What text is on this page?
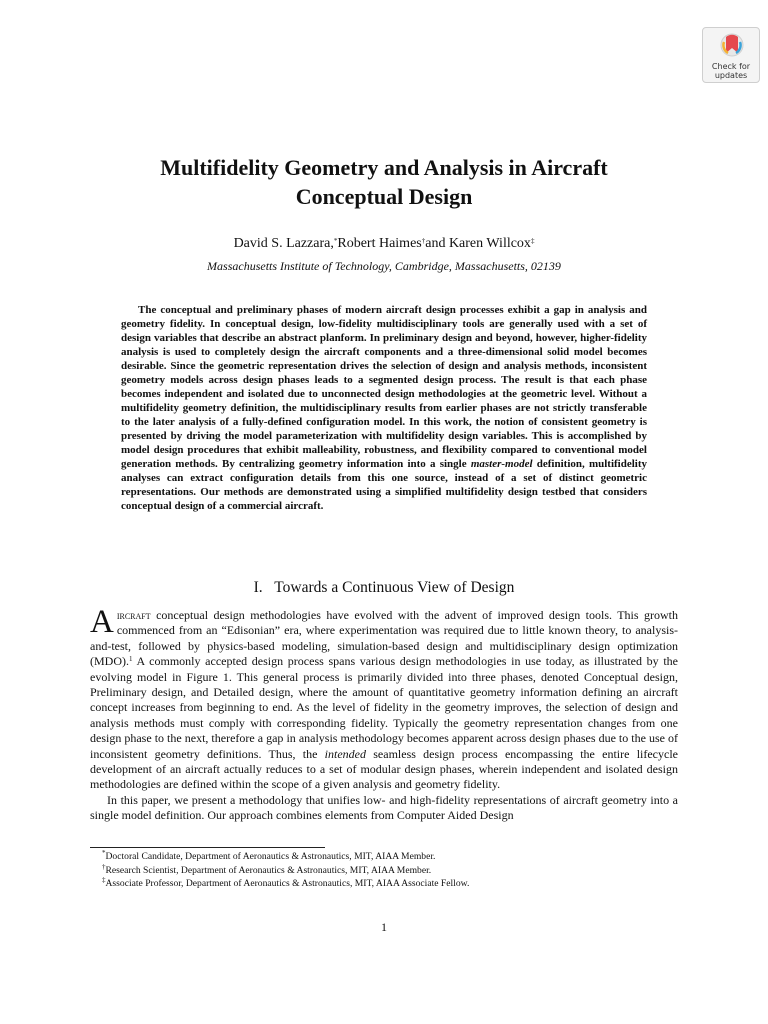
Check for
updates
Multifidelity Geometry and Analysis in Aircraft
Conceptual Design
David S. Lazzara,*Robert Haimes†and Karen Willcox‡
Massachusetts Institute of Technology, Cambridge, Massachusetts, 02139
The conceptual and preliminary phases of modern aircraft design processes exhibit a gap in analysis and geometry fidelity. In conceptual design, low-fidelity multidisciplinary tools are generally used with a set of design variables that describe an abstract planform. In preliminary design and beyond, however, higher-fidelity analysis is used to completely design the aircraft components and a three-dimensional solid model becomes desirable. Since the geometric representation drives the selection of design and analysis methods, inconsistent geometry models across design phases leads to a segmented design process. The result is that each phase becomes independent and isolated due to unconnected design methodologies at the geometric level. Without a multifidelity geometry definition, the multidisciplinary results from earlier phases are not strictly transferable to the later analysis of a fully-defined configuration model. In this work, the notion of consistent geometry is presented by driving the model parameterization with multifidelity design variables. This is accomplished by model design procedures that exhibit malleability, robustness, and flexibility compared to conventional model generation methods. By centralizing geometry information into a single master-model definition, multifidelity analyses can extract configuration details from this one source, instead of a set of distinct geometric representations. Our methods are demonstrated using a simplified multifidelity design testbed that considers conceptual design of a commercial aircraft.
I. Towards a Continuous View of Design

Aircraft conceptual design methodologies have evolved with the advent of improved design tools. This growth commenced from an “Edisonian” era, where experimentation was required due to little known theory, to analysis-and-test, followed by physics-based modeling, simulation-based design and multidisciplinary design optimization (MDO).$^1$ A commonly accepted design process spans various design methodologies in use today, as illustrated by the evolving model in Figure 1. This general process is primarily divided into three phases, denoted Conceptual design, Preliminary design, and Detailed design, where the amount of quantitative geometry information defining an aircraft concept increases from beginning to end. As the level of fidelity in the geometry improves, the selection of design and analysis methods must comply with corresponding fidelity. Typically the geometry representation changes from one design phase to the next, therefore a gap in analysis methodology becomes apparent across design phases due to the use of inconsistent geometry definitions. Thus, the intended seamless design process encompassing the entire lifecycle development of an aircraft actually reduces to a set of modular design phases, wherein independent and isolated design methodologies are defined within the scope of a given analysis and geometry fidelity.

In this paper, we present a methodology that unifies low- and high-fidelity representations of aircraft geometry into a single model definition. Our approach combines elements from Computer Aided Design

*Doctoral Candidate, Department of Aeronautics & Astronautics, MIT, AIAA Member.
†Research Scientist, Department of Aeronautics & Astronautics, MIT, AIAA Member.
‡Associate Professor, Department of Aeronautics & Astronautics, MIT, AIAA Associate Fellow.
1
